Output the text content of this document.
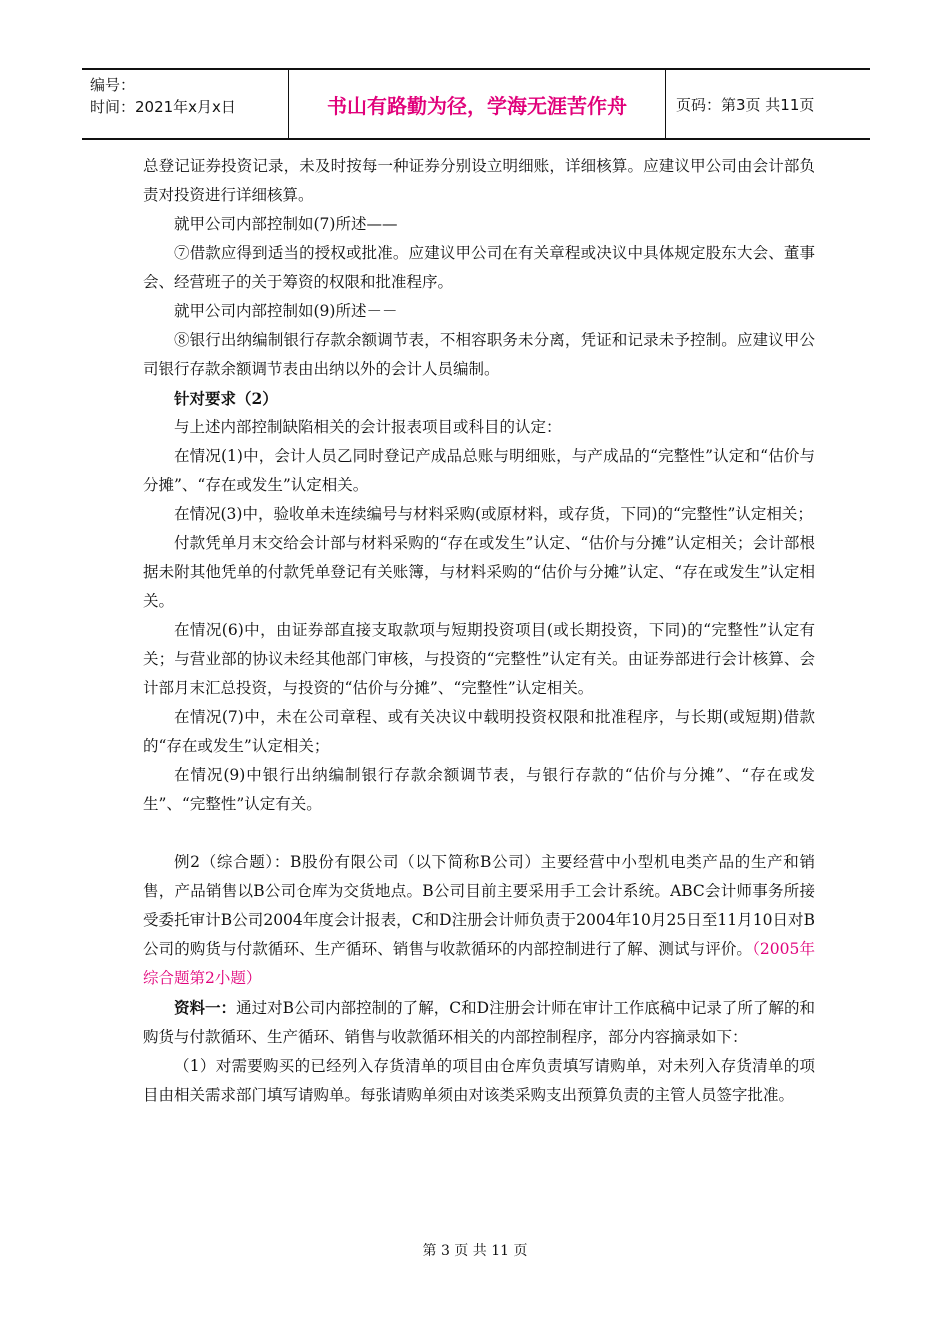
编号：
时间：2021年x月x日	书山有路勤为径，学海无涯苦作舟	页码：第3页 共11页

总登记证券投资记录，未及时按每一种证券分别设立明细账，详细核算。应建议甲公司由会计部负责对投资进行详细核算。

就甲公司内部控制如(7)所述——

⑦借款应得到适当的授权或批准。应建议甲公司在有关章程或决议中具体规定股东大会、董事会、经营班子的关于筹资的权限和批准程序。

就甲公司内部控制如(9)所述－－

⑧银行出纳编制银行存款余额调节表，不相容职务未分离，凭证和记录未予控制。应建议甲公司银行存款余额调节表由出纳以外的会计人员编制。

针对要求（2）

与上述内部控制缺陷相关的会计报表项目或科目的认定：

在情况(1)中，会计人员乙同时登记产成品总账与明细账，与产成品的“完整性”认定和“估价与分摊”、“存在或发生”认定相关。

在情况(3)中，验收单未连续编号与材料采购(或原材料，或存货，下同)的“完整性”认定相关；

付款凭单月末交给会计部与材料采购的“存在或发生”认定、“估价与分摊”认定相关；会计部根据未附其他凭单的付款凭单登记有关账簿，与材料采购的“估价与分摊”认定、“存在或发生”认定相关。

在情况(6)中，由证券部直接支取款项与短期投资项目(或长期投资，下同)的“完整性”认定有关；与营业部的协议未经其他部门审核，与投资的“完整性”认定有关。由证券部进行会计核算、会计部月末汇总投资，与投资的“估价与分摊”、“完整性”认定相关。

在情况(7)中，未在公司章程、或有关决议中载明投资权限和批准程序，与长期(或短期)借款的“存在或发生”认定相关；

在情况(9)中银行出纳编制银行存款余额调节表，与银行存款的“估价与分摊”、“存在或发生”、“完整性”认定有关。

例2（综合题）：B股份有限公司（以下简称B公司）主要经营中小型机电类产品的生产和销售，产品销售以B公司仓库为交货地点。B公司目前主要采用手工会计系统。ABC会计师事务所接受委托审计B公司2004年度会计报表，C和D注册会计师负责于2004年10月25日至11月10日对B公司的购货与付款循环、生产循环、销售与收款循环的内部控制进行了解、测试与评价。（2005年综合题第2小题）

资料一：通过对B公司内部控制的了解，C和D注册会计师在审计工作底稿中记录了所了解的和购货与付款循环、生产循环、销售与收款循环相关的内部控制程序，部分内容摘录如下：

（1）对需要购买的已经列入存货清单的项目由仓库负责填写请购单，对未列入存货清单的项目由相关需求部门填写请购单。每张请购单须由对该类采购支出预算负责的主管人员签字批准。

第 3 页 共 11 页
